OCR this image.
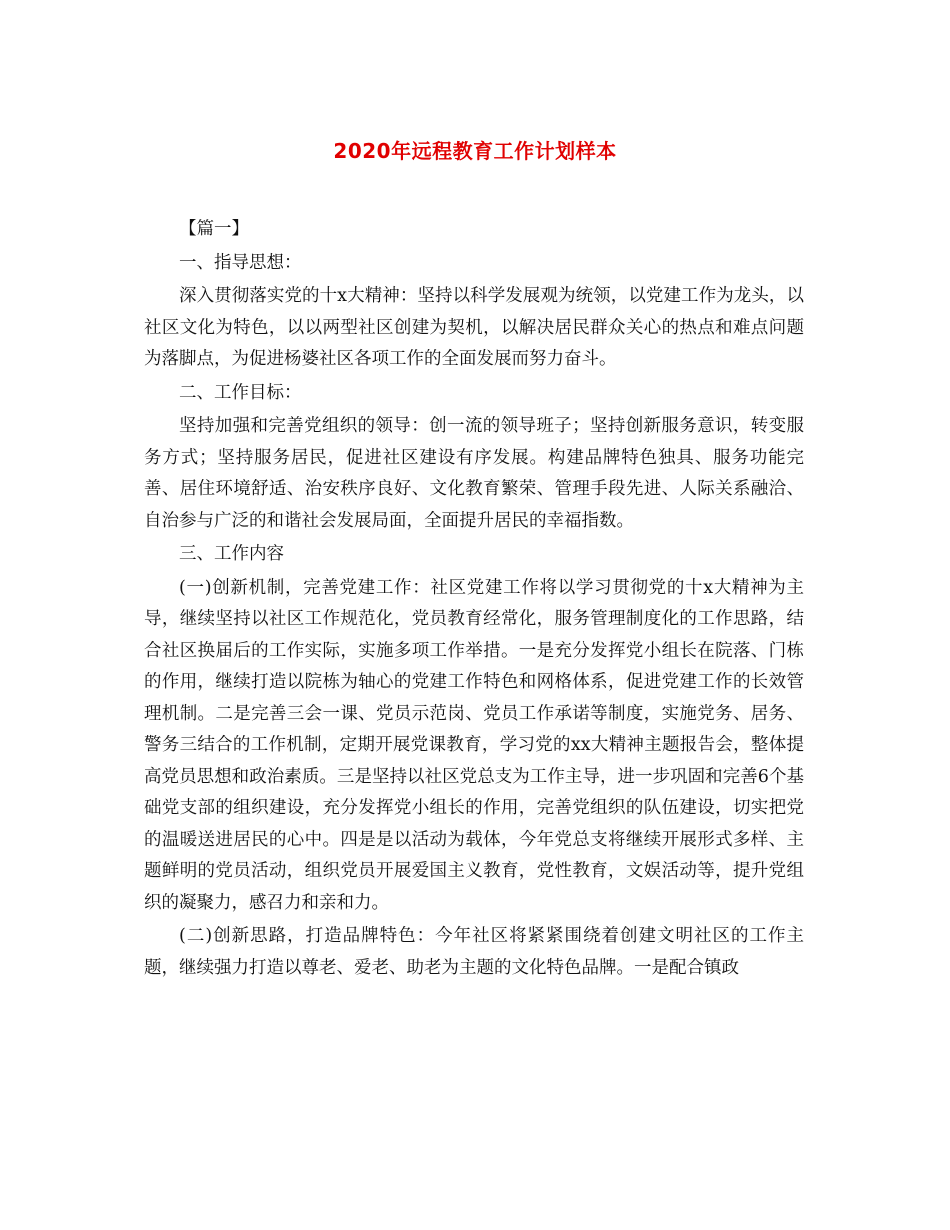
2020年远程教育工作计划样本

【篇一】

一、指导思想：

深入贯彻落实党的十x大精神：坚持以科学发展观为统领，以党建工作为龙头，以社区文化为特色，以以两型社区创建为契机，以解决居民群众关心的热点和难点问题为落脚点，为促进杨婆社区各项工作的全面发展而努力奋斗。

二、工作目标：

坚持加强和完善党组织的领导：创一流的领导班子；坚持创新服务意识，转变服务方式；坚持服务居民，促进社区建设有序发展。构建品牌特色独具、服务功能完善、居住环境舒适、治安秩序良好、文化教育繁荣、管理手段先进、人际关系融洽、自治参与广泛的和谐社会发展局面，全面提升居民的幸福指数。

三、工作内容

(一)创新机制，完善党建工作：社区党建工作将以学习贯彻党的十x大精神为主导，继续坚持以社区工作规范化，党员教育经常化，服务管理制度化的工作思路，结合社区换届后的工作实际，实施多项工作举措。一是充分发挥党小组长在院落、门栋的作用，继续打造以院栋为轴心的党建工作特色和网格体系，促进党建工作的长效管理机制。二是完善三会一课、党员示范岗、党员工作承诺等制度，实施党务、居务、警务三结合的工作机制，定期开展党课教育，学习党的xx大精神主题报告会，整体提高党员思想和政治素质。三是坚持以社区党总支为工作主导，进一步巩固和完善6个基础党支部的组织建设，充分发挥党小组长的作用，完善党组织的队伍建设，切实把党的温暖送进居民的心中。四是是以活动为载体，今年党总支将继续开展形式多样、主题鲜明的党员活动，组织党员开展爱国主义教育，党性教育，文娱活动等，提升党组织的凝聚力，感召力和亲和力。

(二)创新思路，打造品牌特色：今年社区将紧紧围绕着创建文明社区的工作主题，继续强力打造以尊老、爱老、助老为主题的文化特色品牌。一是配合镇政
